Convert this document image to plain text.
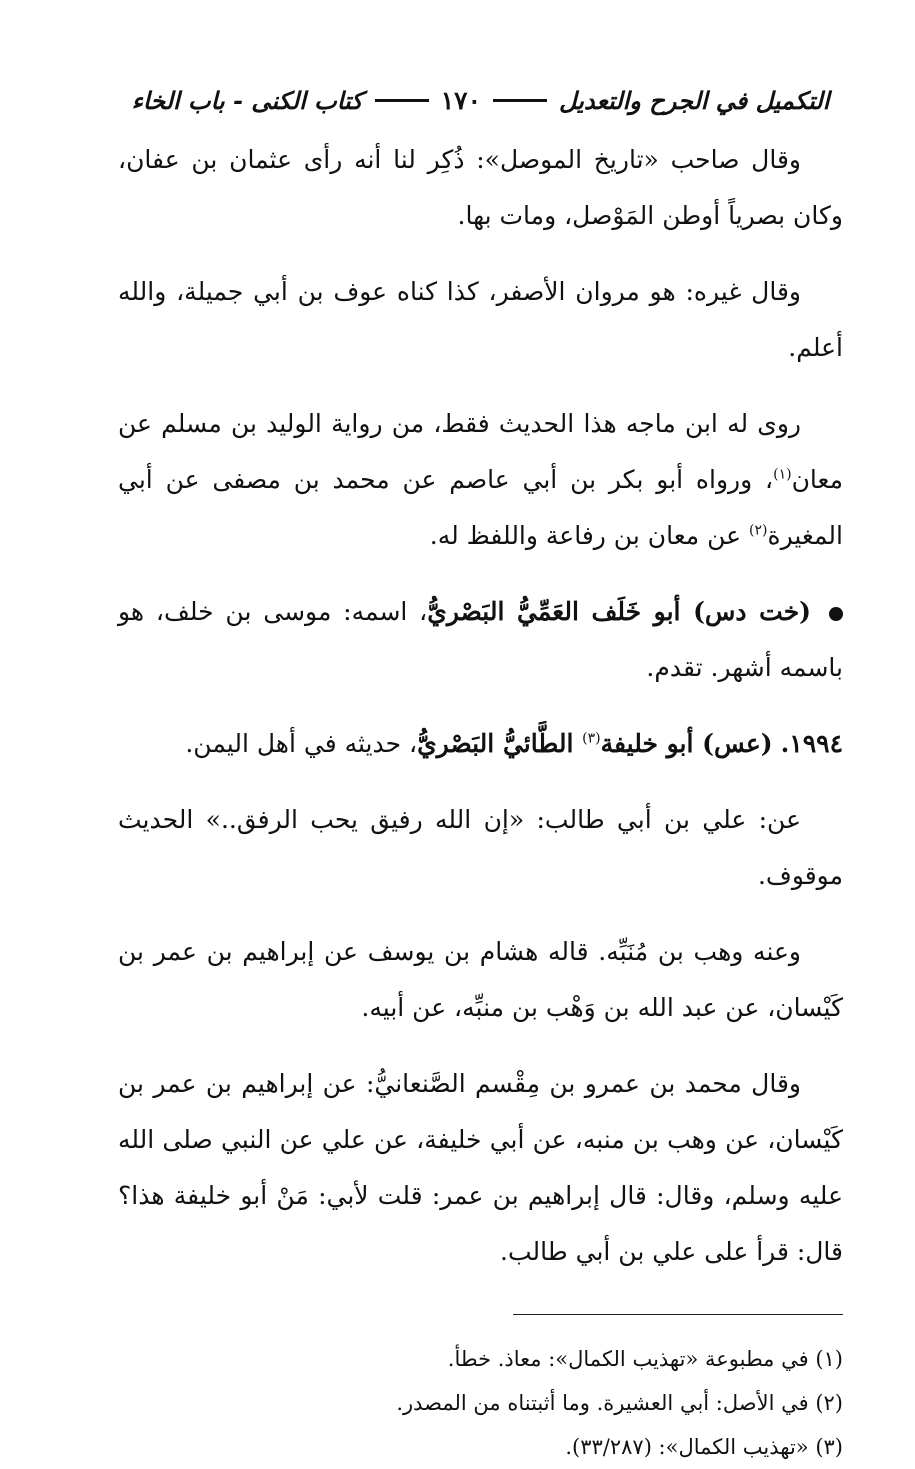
التكميل في الجرح والتعديل
١٧٠
كتاب الكنى - باب الخاء

وقال صاحب «تاريخ الموصل»: ذُكِر لنا أنه رأى عثمان بن عفان، وكان بصرياً أوطن المَوْصل، ومات بها.

وقال غيره: هو مروان الأصفر، كذا كناه عوف بن أبي جميلة، والله أعلم.

روى له ابن ماجه هذا الحديث فقط، من رواية الوليد بن مسلم عن معان$^{(١)}$، ورواه أبو بكر بن أبي عاصم عن محمد بن مصفى عن أبي المغيرة$^{(٢)}$ عن معان بن رفاعة واللفظ له.

(خت دس) أبو خَلَف العَمِّيُّ البَصْريُّ، اسمه: موسى بن خلف، هو باسمه أشهر. تقدم.

١٩٩٤. (عس) أبو خليفة$^{(٣)}$ الطَّائيُّ البَصْريُّ، حديثه في أهل اليمن.

عن: علي بن أبي طالب: «إن الله رفيق يحب الرفق..» الحديث موقوف.

وعنه وهب بن مُنَبِّه. قاله هشام بن يوسف عن إبراهيم بن عمر بن كَيْسان، عن عبد الله بن وَهْب بن منبِّه، عن أبيه.

وقال محمد بن عمرو بن مِقْسم الصَّنعانيُّ: عن إبراهيم بن عمر بن كَيْسان، عن وهب بن منبه، عن أبي خليفة، عن علي عن النبي صلى الله عليه وسلم، وقال: قال إبراهيم بن عمر: قلت لأبي: مَنْ أبو خليفة هذا؟ قال: قرأ على علي بن أبي طالب.

(١) في مطبوعة «تهذيب الكمال»: معاذ. خطأ.

(٢) في الأصل: أبي العشيرة. وما أثبتناه من المصدر.

(٣) «تهذيب الكمال»: (٣٣/٢٨٧).
